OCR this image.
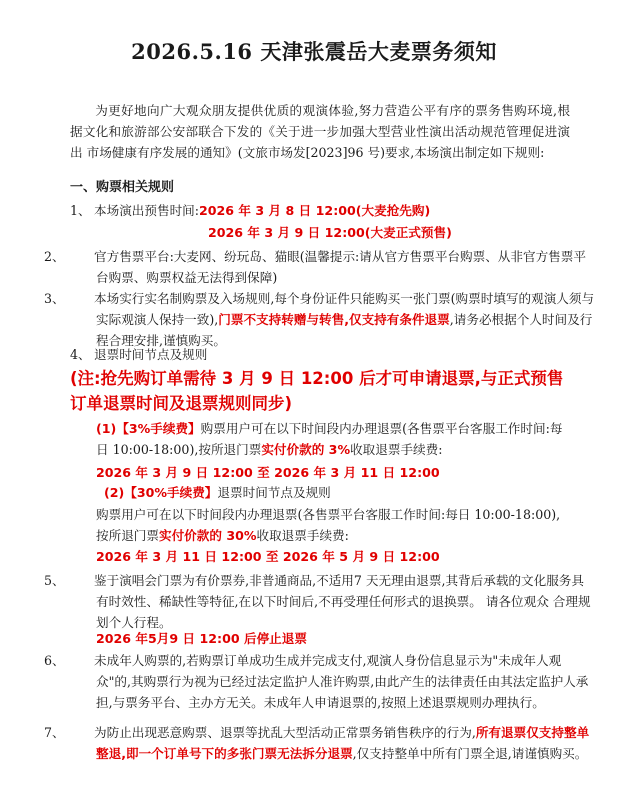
2026.5.16 天津张震岳大麦票务须知
为更好地向广大观众朋友提供优质的观演体验,努力营造公平有序的票务售购环境,根 据文化和旅游部公安部联合下发的《关于进一步加强大型营业性演出活动规范管理促进演出 市场健康有序发展的通知》(文旅市场发[2023]96 号)要求,本场演出制定如下规则:
一、购票相关规则
1、 本场演出预售时间:2026 年 3 月 8 日 12:00(大麦抢先购)
2026 年 3 月 9 日 12:00(大麦正式预售)
2、 官方售票平台:大麦网、纷玩岛、猫眼(温馨提示:请从官方售票平台购票、从非官方售票平台购票、购票权益无法得到保障)
3、 本场实行实名制购票及入场规则,每个身份证件只能购买一张门票(购票时填写的观演人须与实际观演人保持一致),门票不支持转赠与转售,仅支持有条件退票,请务必根据个人时间及行程合理安排,谨慎购买。
4、 退票时间节点及规则
(注:抢先购订单需待 3 月 9 日 12:00 后才可申请退票,与正式预售订单退票时间及退票规则同步)
(1)【3%手续费】购票用户可在以下时间段内办理退票(各售票平台客服工作时间:每日 10:00-18:00),按所退门票实付价款的 3%收取退票手续费:
2026 年 3 月 9 日 12:00 至 2026 年 3 月 11 日 12:00
(2)【30%手续费】退票时间节点及规则
购票用户可在以下时间段内办理退票(各售票平台客服工作时间:每日 10:00-18:00),按所退门票实付价款的 30%收取退票手续费:
2026 年 3 月 11 日 12:00 至 2026 年 5 月 9 日 12:00
5、 鉴于演唱会门票为有价票券,非普通商品,不适用7 天无理由退票,其背后承载的文化服务具有时效性、稀缺性等特征,在以下时间后,不再受理任何形式的退换票。 请各位观众 合理规划个人行程。
2026 年5月9 日 12:00 后停止退票
6、 未成年人购票的,若购票订单成功生成并完成支付,观演人身份信息显示为"未成年人观众"的,其购票行为视为已经过法定监护人准许购票,由此产生的法律责任由其法定监护人承担,与票务平台、主办方无关。未成年人申请退票的,按照上述退票规则办理执行。
7、 为防止出现恶意购票、退票等扰乱大型活动正常票务销售秩序的行为,所有退票仅支持整单整退,即一个订单号下的多张门票无法拆分退票,仅支持整单中所有门票全退,请谨慎购买。
